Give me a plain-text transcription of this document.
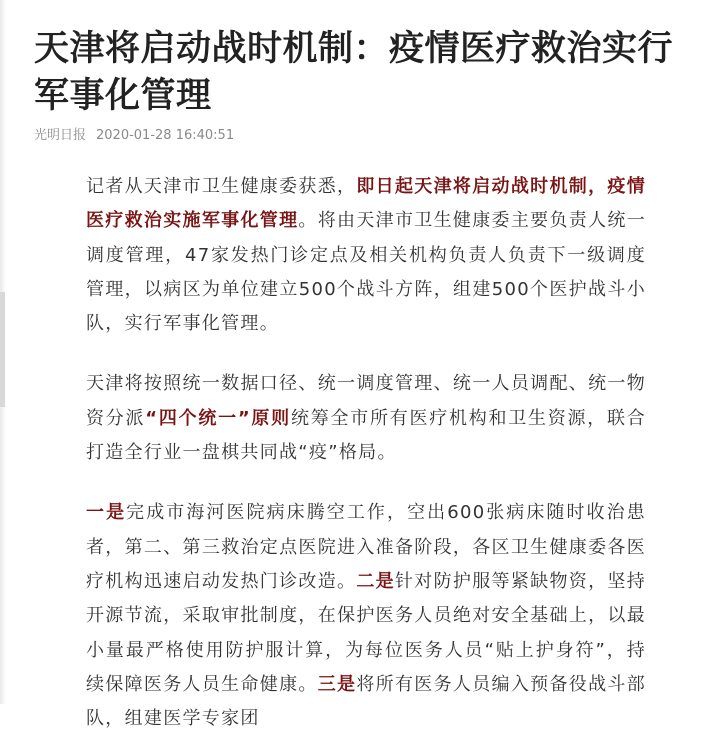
天津将启动战时机制：疫情医疗救治实行军事化管理
光明日报 2020-01-28 16:40:51

记者从天津市卫生健康委获悉，即日起天津将启动战时机制，疫情医疗救治实施军事化管理。将由天津市卫生健康委主要负责人统一调度管理，47家发热门诊定点及相关机构负责人负责下一级调度管理，以病区为单位建立500个战斗方阵，组建500个医护战斗小队，实行军事化管理。

天津将按照统一数据口径、统一调度管理、统一人员调配、统一物资分派“四个统一”原则统筹全市所有医疗机构和卫生资源，联合打造全行业一盘棋共同战“疫”格局。

一是完成市海河医院病床腾空工作，空出600张病床随时收治患者，第二、第三救治定点医院进入准备阶段，各区卫生健康委各医疗机构迅速启动发热门诊改造。二是针对防护服等紧缺物资，坚持开源节流，采取审批制度，在保护医务人员绝对安全基础上，以最小量最严格使用防护服计算，为每位医务人员“贴上护身符”，持续保障医务人员生命健康。三是将所有医务人员编入预备役战斗部队，组建医学专家团
